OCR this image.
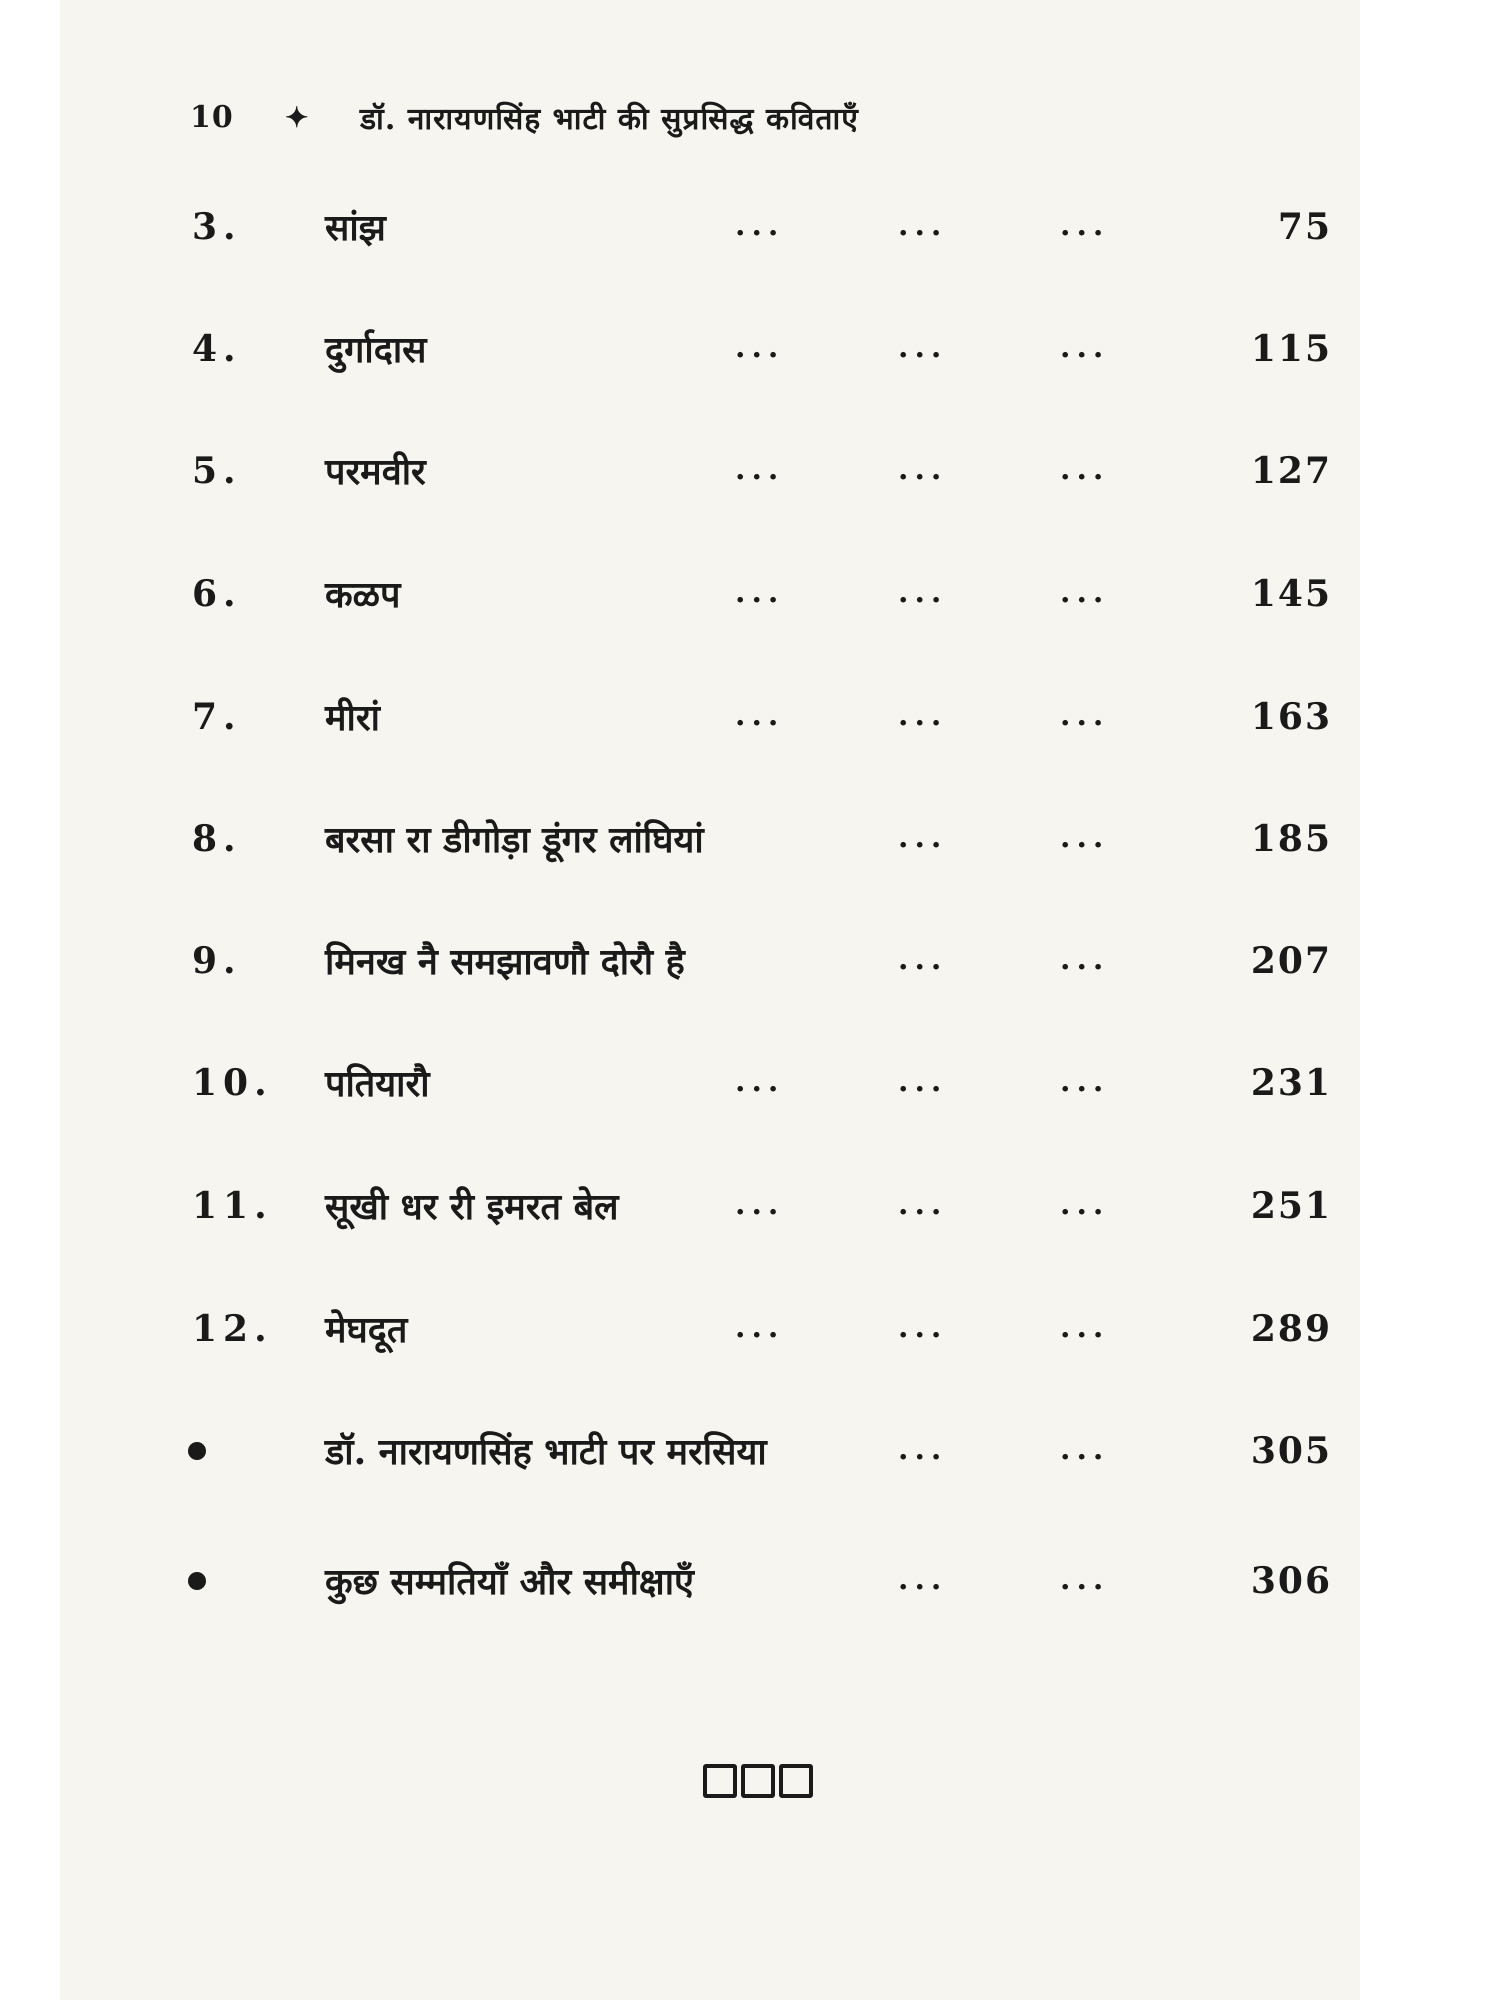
10	✦	डॉ. नारायणसिंह भाटी की सुप्रसिद्ध कविताएँ
3. सांझ	...	...	...	75
4. दुर्गादास	...	...	...	115
5. परमवीर	...	...	...	127
6. कळप	...	...	...	145
7. मीरां	...	...	...	163
8. बरसा रा डीगोड़ा डूंगर लांघियां	...	...	185
9. मिनख नै समझावणौ दोरौ है	...	...	207
10. पतियारौ	...	...	...	231
11. सूखी धर री इमरत बेल	...	...	...	251
12. मेघदूत	...	...	...	289
डॉ. नारायणसिंह भाटी पर मरसिया	...	...	305
कुछ सम्मतियाँ और समीक्षाएँ	...	...	306
